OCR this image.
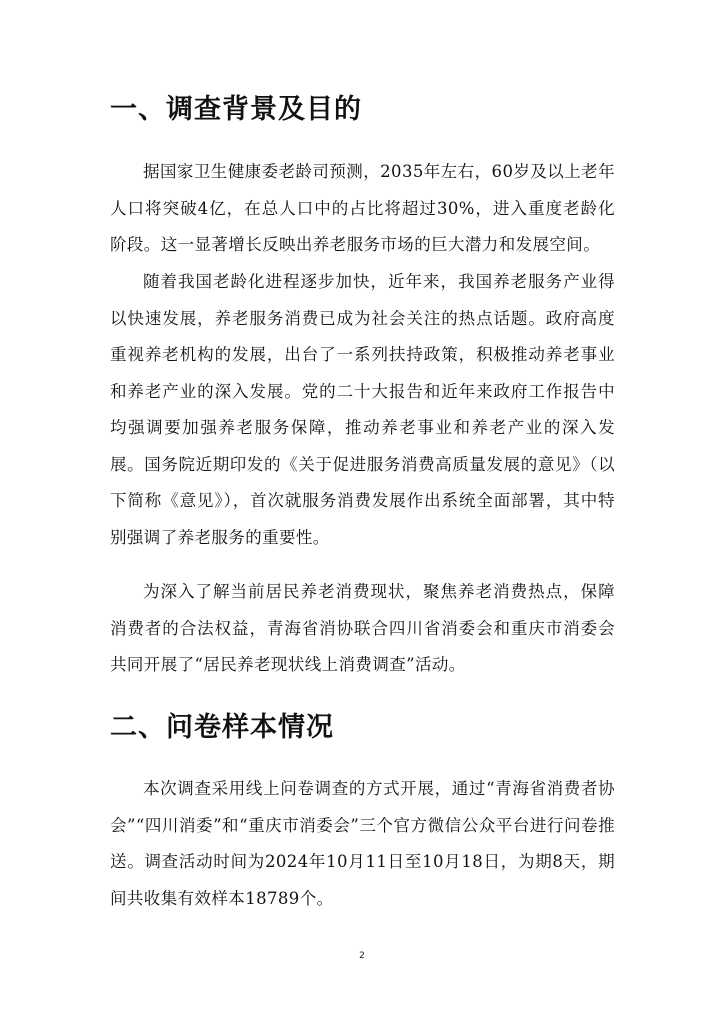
一、调查背景及目的

据国家卫生健康委老龄司预测，2035年左右，60岁及以上老年人口将突破4亿，在总人口中的占比将超过30%，进入重度老龄化阶段。这一显著增长反映出养老服务市场的巨大潜力和发展空间。

随着我国老龄化进程逐步加快，近年来，我国养老服务产业得以快速发展，养老服务消费已成为社会关注的热点话题。政府高度重视养老机构的发展，出台了一系列扶持政策，积极推动养老事业和养老产业的深入发展。党的二十大报告和近年来政府工作报告中均强调要加强养老服务保障，推动养老事业和养老产业的深入发展。国务院近期印发的《关于促进服务消费高质量发展的意见》（以下简称《意见》），首次就服务消费发展作出系统全面部署，其中特别强调了养老服务的重要性。

为深入了解当前居民养老消费现状，聚焦养老消费热点，保障消费者的合法权益，青海省消协联合四川省消委会和重庆市消委会共同开展了“居民养老现状线上消费调查”活动。

二、问卷样本情况

本次调查采用线上问卷调查的方式开展，通过“青海省消费者协会”“四川消委”和“重庆市消委会”三个官方微信公众平台进行问卷推送。调查活动时间为2024年10月11日至10月18日，为期8天，期间共收集有效样本18789个。

2
